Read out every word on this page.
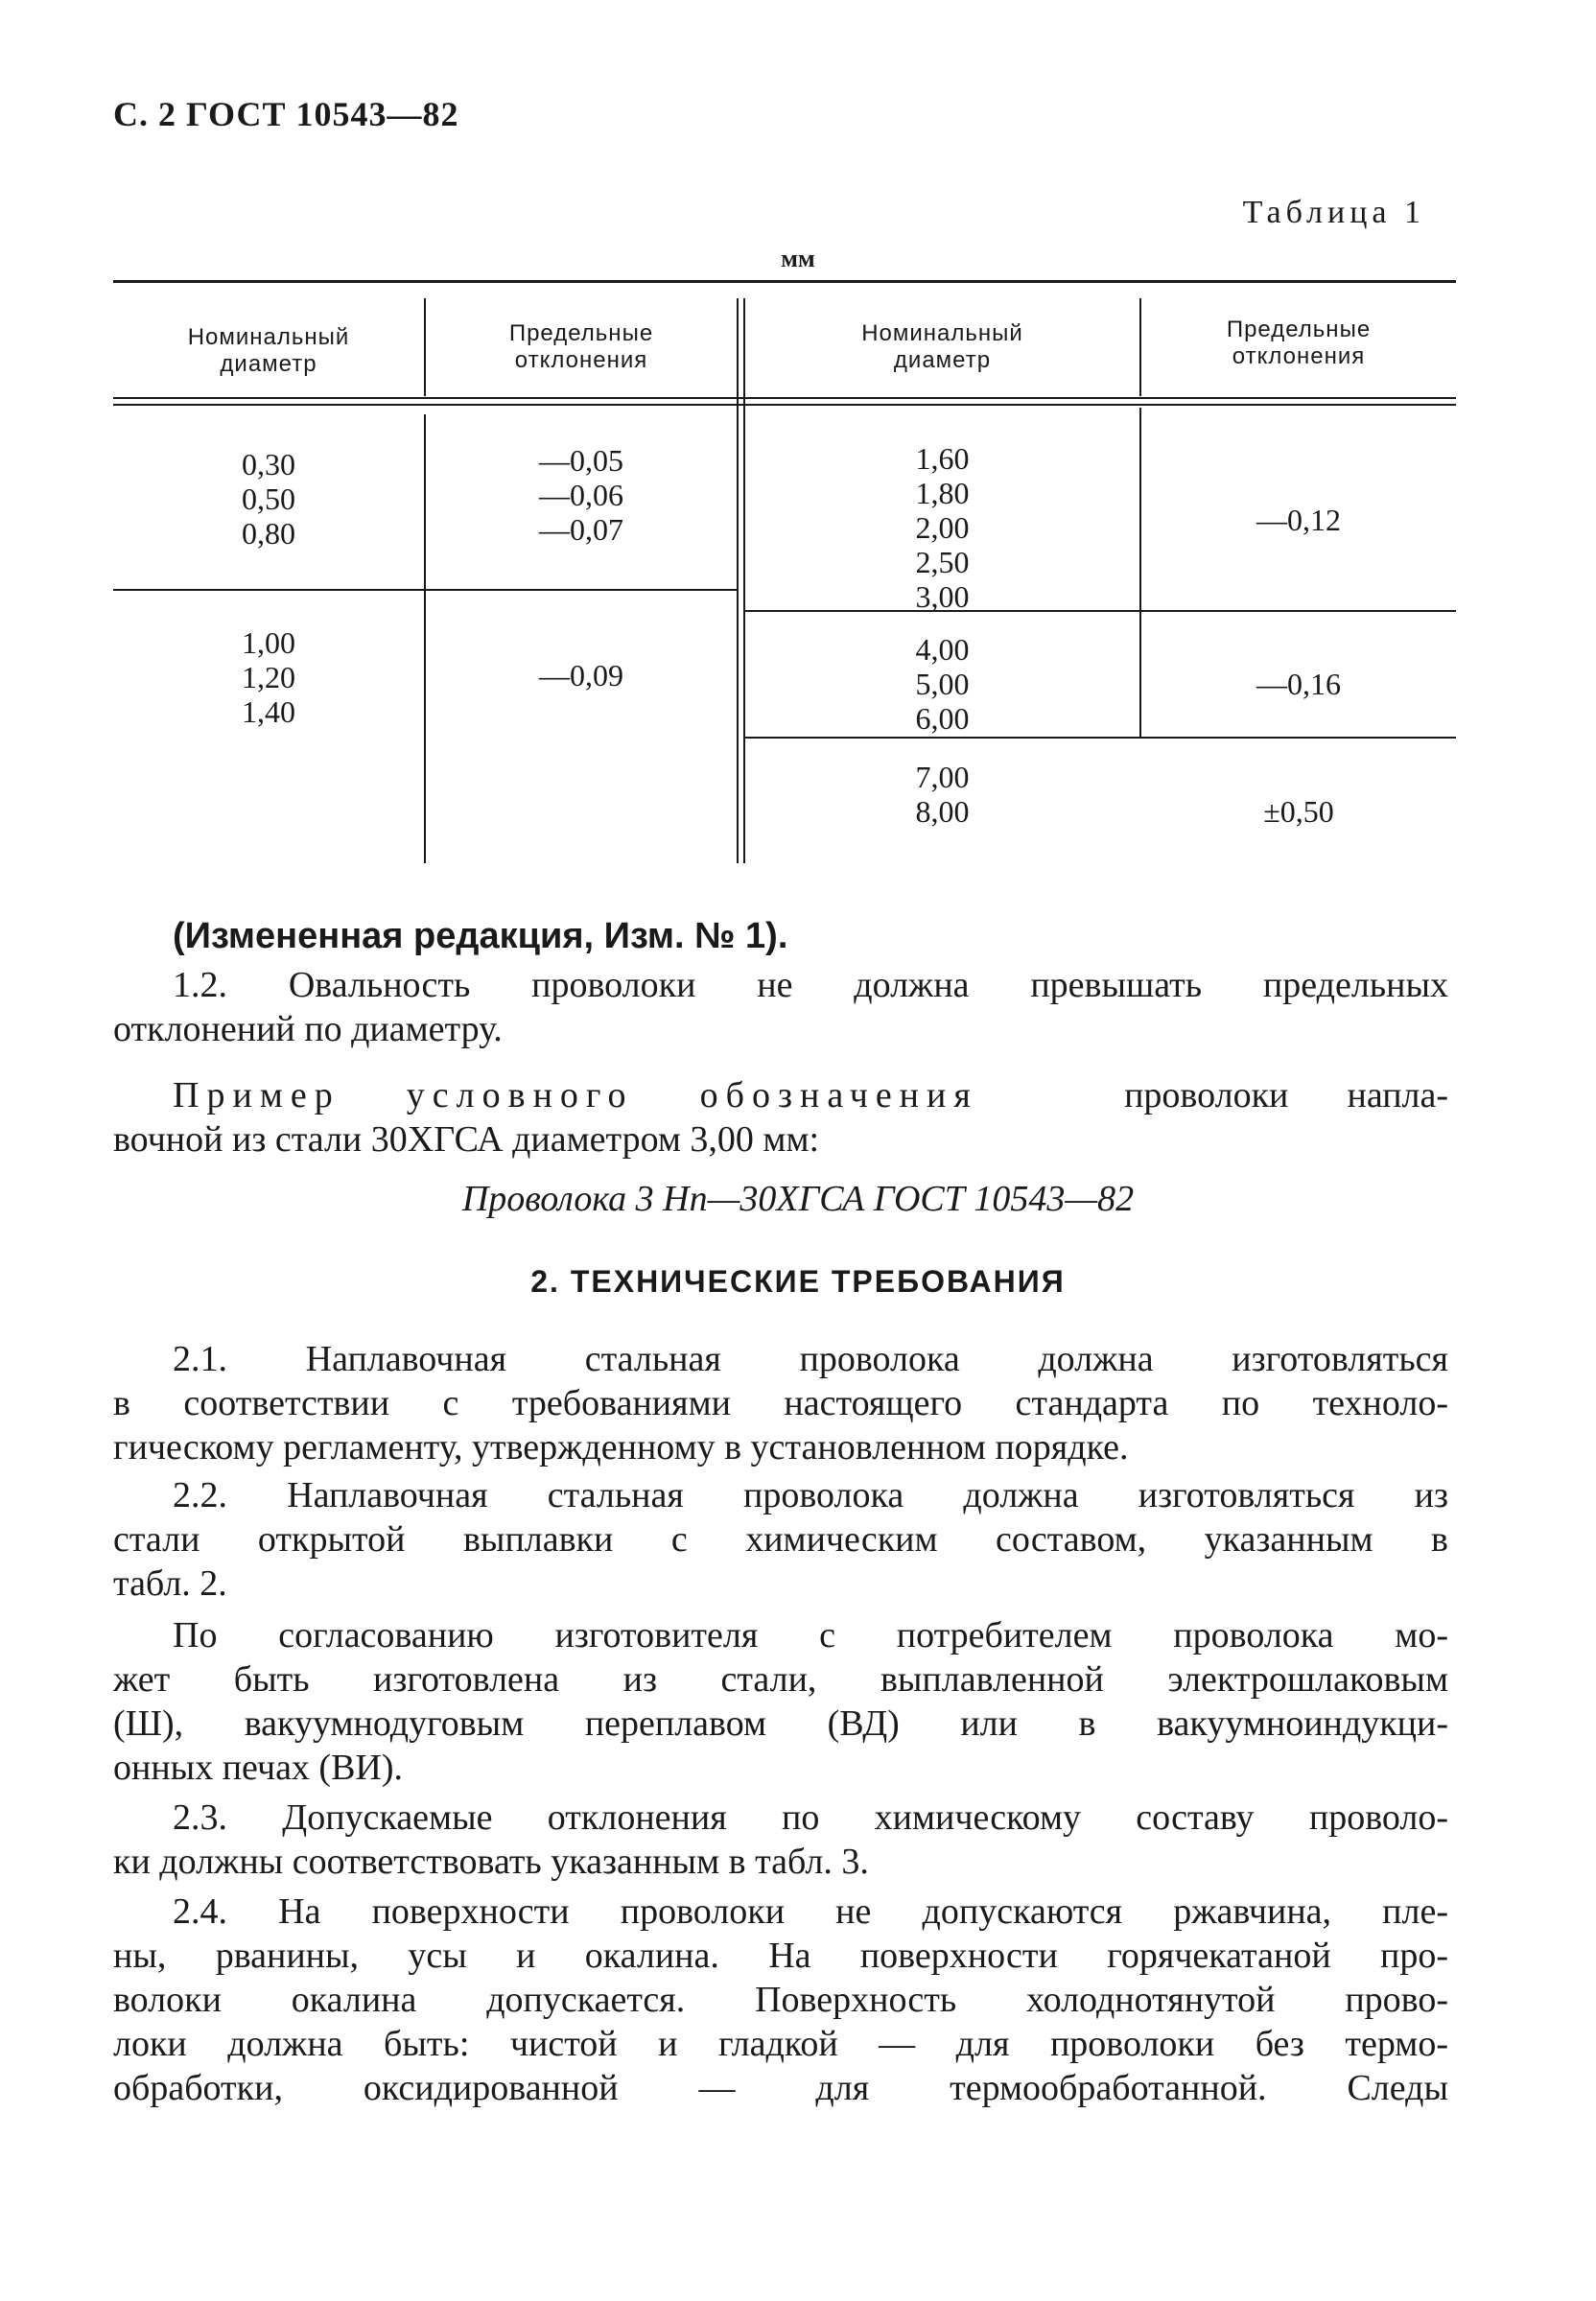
С. 2 ГОСТ 10543—82
Таблица 1
мм
Номинальный
диаметр
Предельные
отклонения
Номинальный
диаметр
Предельные
отклонения
0,30
0,50
0,80
—0,05
—0,06
—0,07
1,00
1,20
1,40
—0,09
1,60
1,80
2,00
2,50
3,00
—0,12
4,00
5,00
6,00
—0,16
7,00
8,00	±0,50
(Измененная редакция, Изм. № 1).
1.2. Овальность проволоки не должна превышать предельных
отклонений по диаметру.
Пример условного обозначения	проволоки напла-
вочной из стали 30ХГСА диаметром 3,00 мм:
Проволока 3 Нп—30ХГСА ГОСТ 10543—82
2. ТЕХНИЧЕСКИЕ ТРЕБОВАНИЯ
2.1. Наплавочная стальная проволока должна изготовляться
в соответствии с требованиями настоящего стандарта по техноло-
гическому регламенту, утвержденному в установленном порядке.
2.2. Наплавочная стальная проволока должна изготовляться из
стали открытой выплавки с химическим составом, указанным в
табл. 2.
По согласованию изготовителя с потребителем проволока мо-
жет быть изготовлена из стали, выплавленной электрошлаковым
(Ш), вакуумнодуговым переплавом (ВД) или в вакуумноиндукци-
онных печах (ВИ).
2.3. Допускаемые отклонения по химическому составу проволо-
ки должны соответствовать указанным в табл. 3.
2.4. На поверхности проволоки не допускаются ржавчина, пле-
ны, рванины, усы и окалина. На поверхности горячекатаной про-
волоки окалина допускается. Поверхность холоднотянутой прово-
локи должна быть: чистой и гладкой — для проволоки без термо-
обработки, оксидированной — для термообработанной. Следы
